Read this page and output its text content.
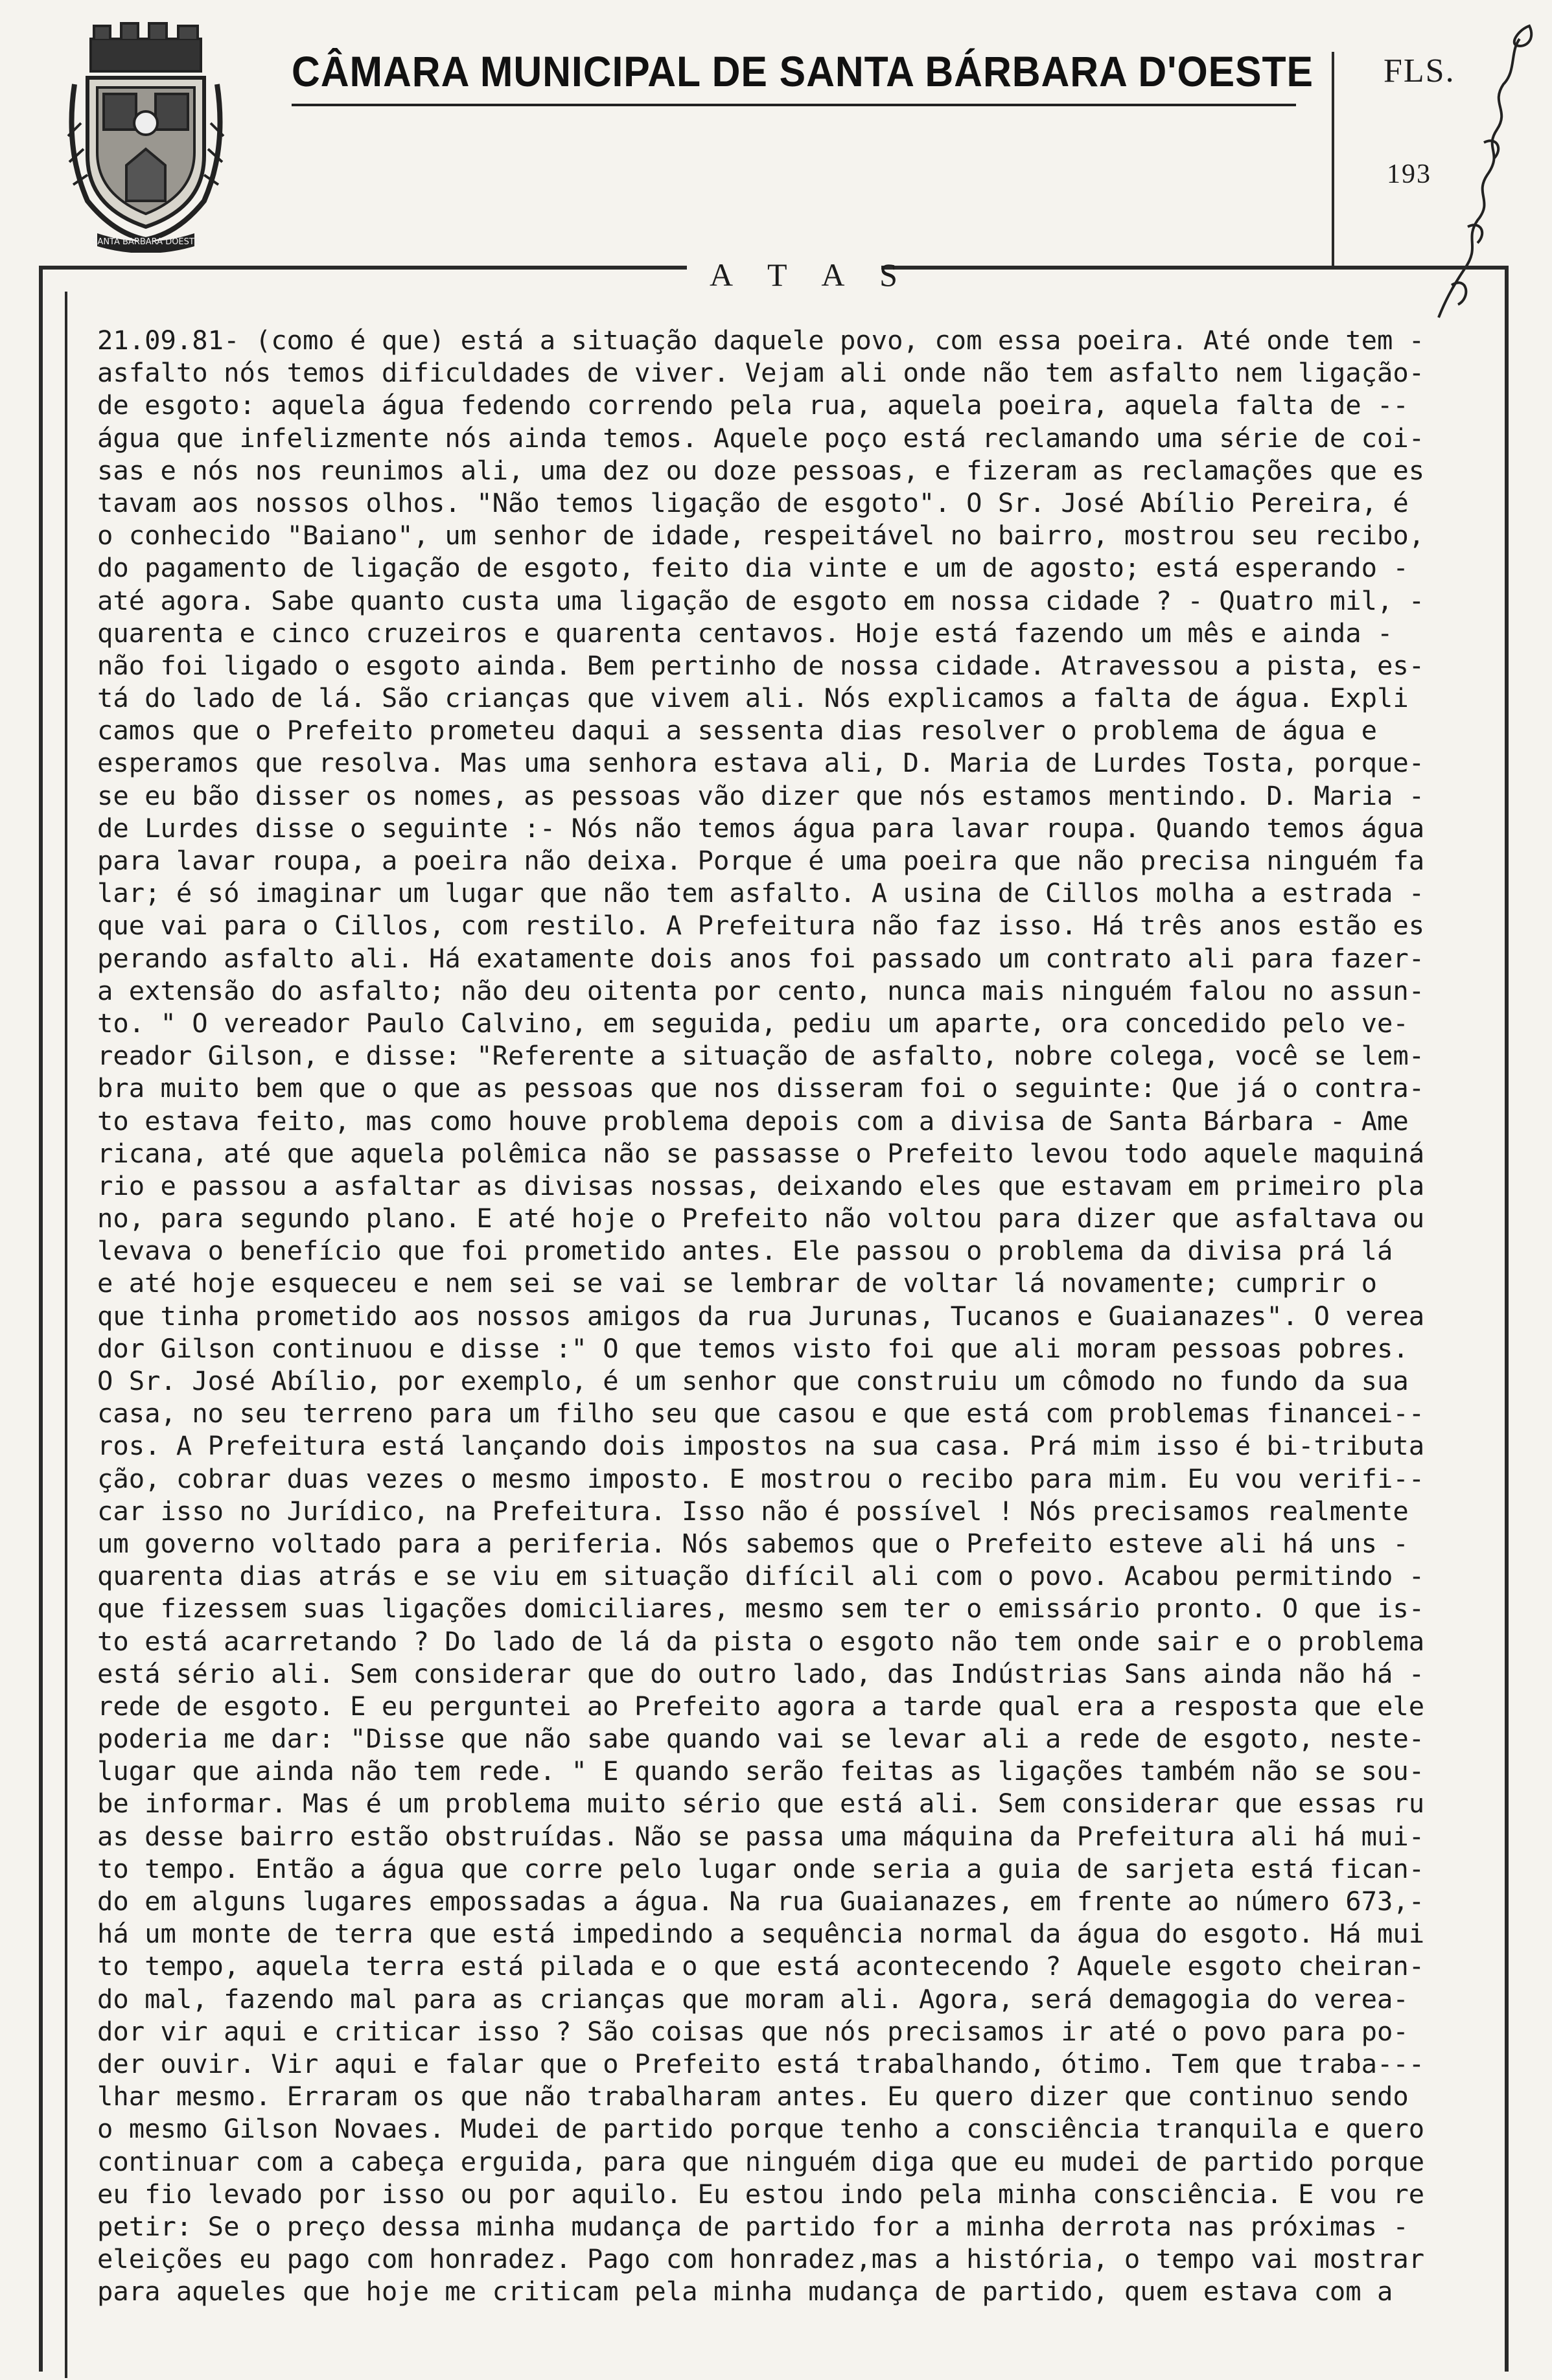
SANTA BARBARA DOESTE
CÂMARA MUNICIPAL DE SANTA BÁRBARA D'OESTE FLS.
193
A T A S
21.09.81- (como é que) está a situação daquele povo, com essa poeira. Até onde tem -
asfalto nós temos dificuldades de viver. Vejam ali onde não tem asfalto nem ligação-
de esgoto: aquela água fedendo correndo pela rua, aquela poeira, aquela falta de --
água que infelizmente nós ainda temos. Aquele poço está reclamando uma série de coi-
sas e nós nos reunimos ali, uma dez ou doze pessoas, e fizeram as reclamações que es
tavam aos nossos olhos. "Não temos ligação de esgoto". O Sr. José Abílio Pereira, é
o conhecido "Baiano", um senhor de idade, respeitável no bairro, mostrou seu recibo,
do pagamento de ligação de esgoto, feito dia vinte e um de agosto; está esperando -
até agora. Sabe quanto custa uma ligação de esgoto em nossa cidade ? - Quatro mil, -
quarenta e cinco cruzeiros e quarenta centavos. Hoje está fazendo um mês e ainda -
não foi ligado o esgoto ainda. Bem pertinho de nossa cidade. Atravessou a pista, es-
tá do lado de lá. São crianças que vivem ali. Nós explicamos a falta de água. Expli
camos que o Prefeito prometeu daqui a sessenta dias resolver o problema de água e
esperamos que resolva. Mas uma senhora estava ali, D. Maria de Lurdes Tosta, porque-
se eu bão disser os nomes, as pessoas vão dizer que nós estamos mentindo. D. Maria -
de Lurdes disse o seguinte :- Nós não temos água para lavar roupa. Quando temos água
para lavar roupa, a poeira não deixa. Porque é uma poeira que não precisa ninguém fa
lar; é só imaginar um lugar que não tem asfalto. A usina de Cillos molha a estrada -
que vai para o Cillos, com restilo. A Prefeitura não faz isso. Há três anos estão es
perando asfalto ali. Há exatamente dois anos foi passado um contrato ali para fazer-
a extensão do asfalto; não deu oitenta por cento, nunca mais ninguém falou no assun-
to. " O vereador Paulo Calvino, em seguida, pediu um aparte, ora concedido pelo ve-
reador Gilson, e disse: "Referente a situação de asfalto, nobre colega, você se lem-
bra muito bem que o que as pessoas que nos disseram foi o seguinte: Que já o contra-
to estava feito, mas como houve problema depois com a divisa de Santa Bárbara - Ame
ricana, até que aquela polêmica não se passasse o Prefeito levou todo aquele maquiná
rio e passou a asfaltar as divisas nossas, deixando eles que estavam em primeiro pla
no, para segundo plano. E até hoje o Prefeito não voltou para dizer que asfaltava ou
levava o benefício que foi prometido antes. Ele passou o problema da divisa prá lá
e até hoje esqueceu e nem sei se vai se lembrar de voltar lá novamente; cumprir o
que tinha prometido aos nossos amigos da rua Jurunas, Tucanos e Guaianazes". O verea
dor Gilson continuou e disse :" O que temos visto foi que ali moram pessoas pobres.
O Sr. José Abílio, por exemplo, é um senhor que construiu um cômodo no fundo da sua
casa, no seu terreno para um filho seu que casou e que está com problemas financei--
ros. A Prefeitura está lançando dois impostos na sua casa. Prá mim isso é bi-tributa
ção, cobrar duas vezes o mesmo imposto. E mostrou o recibo para mim. Eu vou verifi--
car isso no Jurídico, na Prefeitura. Isso não é possível ! Nós precisamos realmente
um governo voltado para a periferia. Nós sabemos que o Prefeito esteve ali há uns -
quarenta dias atrás e se viu em situação difícil ali com o povo. Acabou permitindo -
que fizessem suas ligações domiciliares, mesmo sem ter o emissário pronto. O que is-
to está acarretando ? Do lado de lá da pista o esgoto não tem onde sair e o problema
está sério ali. Sem considerar que do outro lado, das Indústrias Sans ainda não há -
rede de esgoto. E eu perguntei ao Prefeito agora a tarde qual era a resposta que ele
poderia me dar: "Disse que não sabe quando vai se levar ali a rede de esgoto, neste-
lugar que ainda não tem rede. " E quando serão feitas as ligações também não se sou-
be informar. Mas é um problema muito sério que está ali. Sem considerar que essas ru
as desse bairro estão obstruídas. Não se passa uma máquina da Prefeitura ali há mui-
to tempo. Então a água que corre pelo lugar onde seria a guia de sarjeta está fican-
do em alguns lugares empossadas a água. Na rua Guaianazes, em frente ao número 673,-
há um monte de terra que está impedindo a sequência normal da água do esgoto. Há mui
to tempo, aquela terra está pilada e o que está acontecendo ? Aquele esgoto cheiran-
do mal, fazendo mal para as crianças que moram ali. Agora, será demagogia do verea-
dor vir aqui e criticar isso ? São coisas que nós precisamos ir até o povo para po-
der ouvir. Vir aqui e falar que o Prefeito está trabalhando, ótimo. Tem que traba---
lhar mesmo. Erraram os que não trabalharam antes. Eu quero dizer que continuo sendo
o mesmo Gilson Novaes. Mudei de partido porque tenho a consciência tranquila e quero
continuar com a cabeça erguida, para que ninguém diga que eu mudei de partido porque
eu fio levado por isso ou por aquilo. Eu estou indo pela minha consciência. E vou re
petir: Se o preço dessa minha mudança de partido for a minha derrota nas próximas -
eleições eu pago com honradez. Pago com honradez,mas a história, o tempo vai mostrar
para aqueles que hoje me criticam pela minha mudança de partido, quem estava com a
